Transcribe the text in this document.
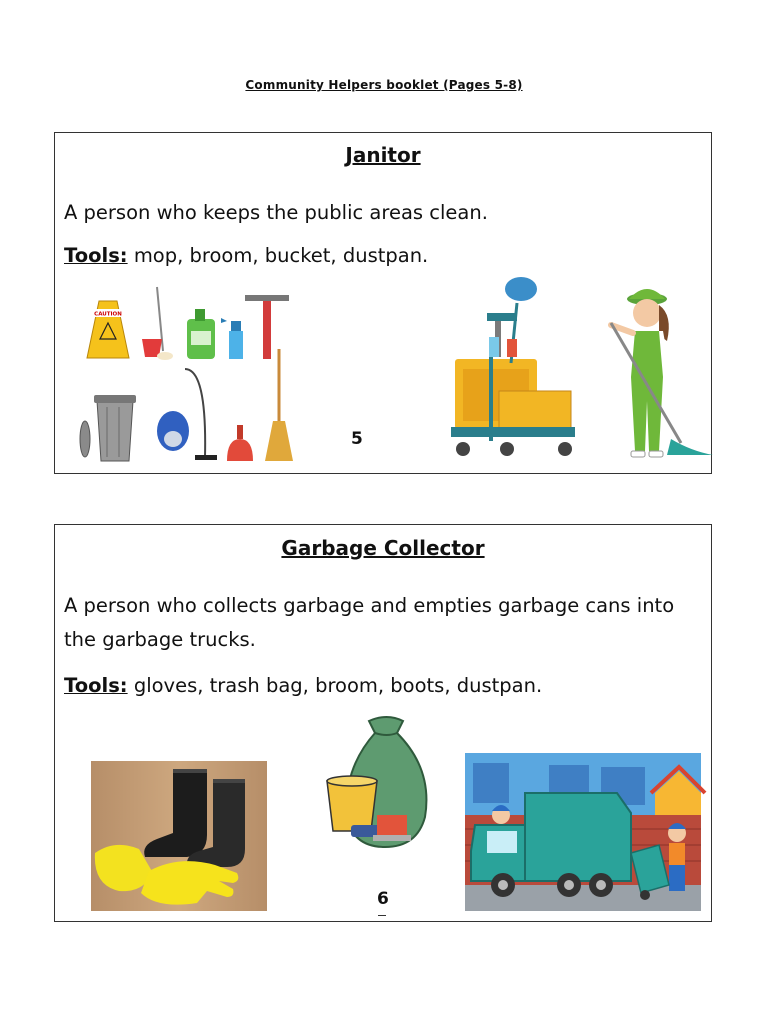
Community Helpers booklet (Pages 5-8)
Janitor
A person who keeps the public areas clean.
Tools: mop, broom, bucket, dustpan.
CAUTION
5
Garbage Collector
A person who collects garbage and empties garbage cans into the garbage trucks.
Tools: gloves, trash bag, broom, boots, dustpan.
6
